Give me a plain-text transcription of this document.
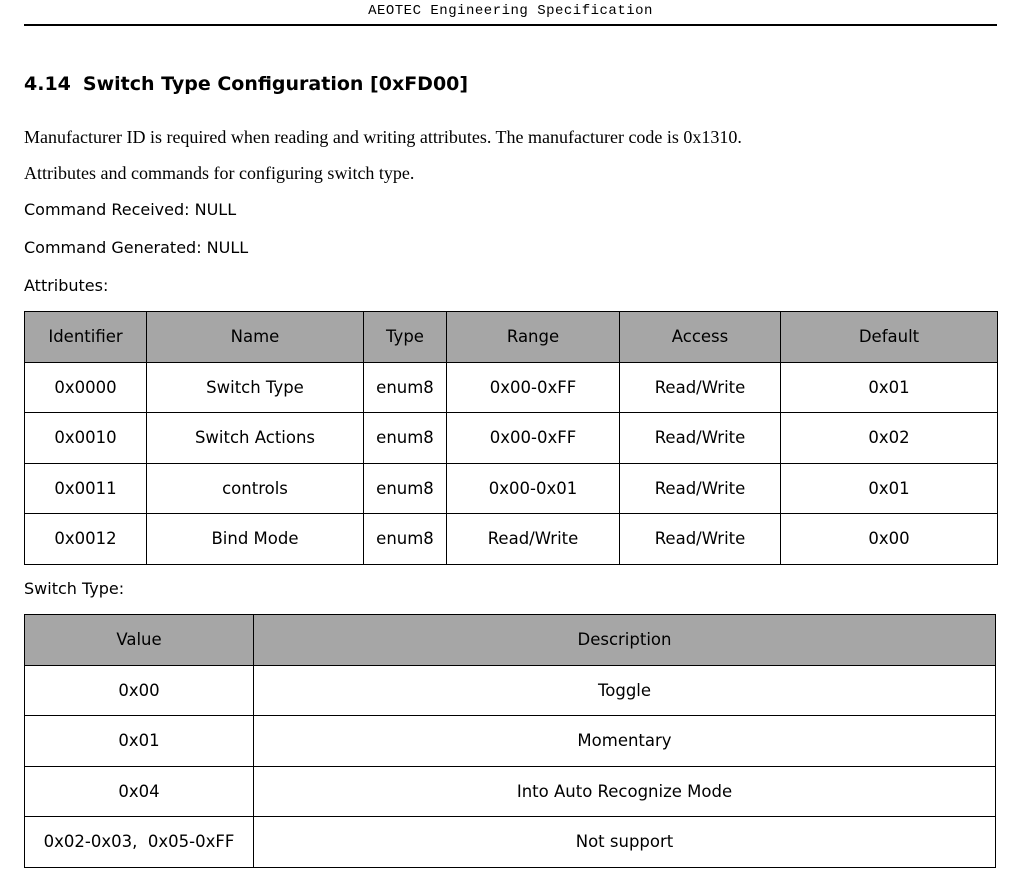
AEOTEC Engineering Specification
4.14 Switch Type Configuration [0xFD00]
Manufacturer ID is required when reading and writing attributes. The manufacturer code is 0x1310.
Attributes and commands for configuring switch type.
Command Received: NULL
Command Generated: NULL
Attributes:
Identifier	Name	Type	Range	Access	Default
0x0000	Switch Type	enum8	0x00-0xFF	Read/Write	0x01
0x0010	Switch Actions	enum8	0x00-0xFF	Read/Write	0x02
0x0011	controls	enum8	0x00-0x01	Read/Write	0x01
0x0012	Bind Mode	enum8	Read/Write	Read/Write	0x00
Switch Type:
Value	Description
0x00	Toggle
0x01	Momentary
0x04	Into Auto Recognize Mode
0x02-0x03,  0x05-0xFF	Not support
